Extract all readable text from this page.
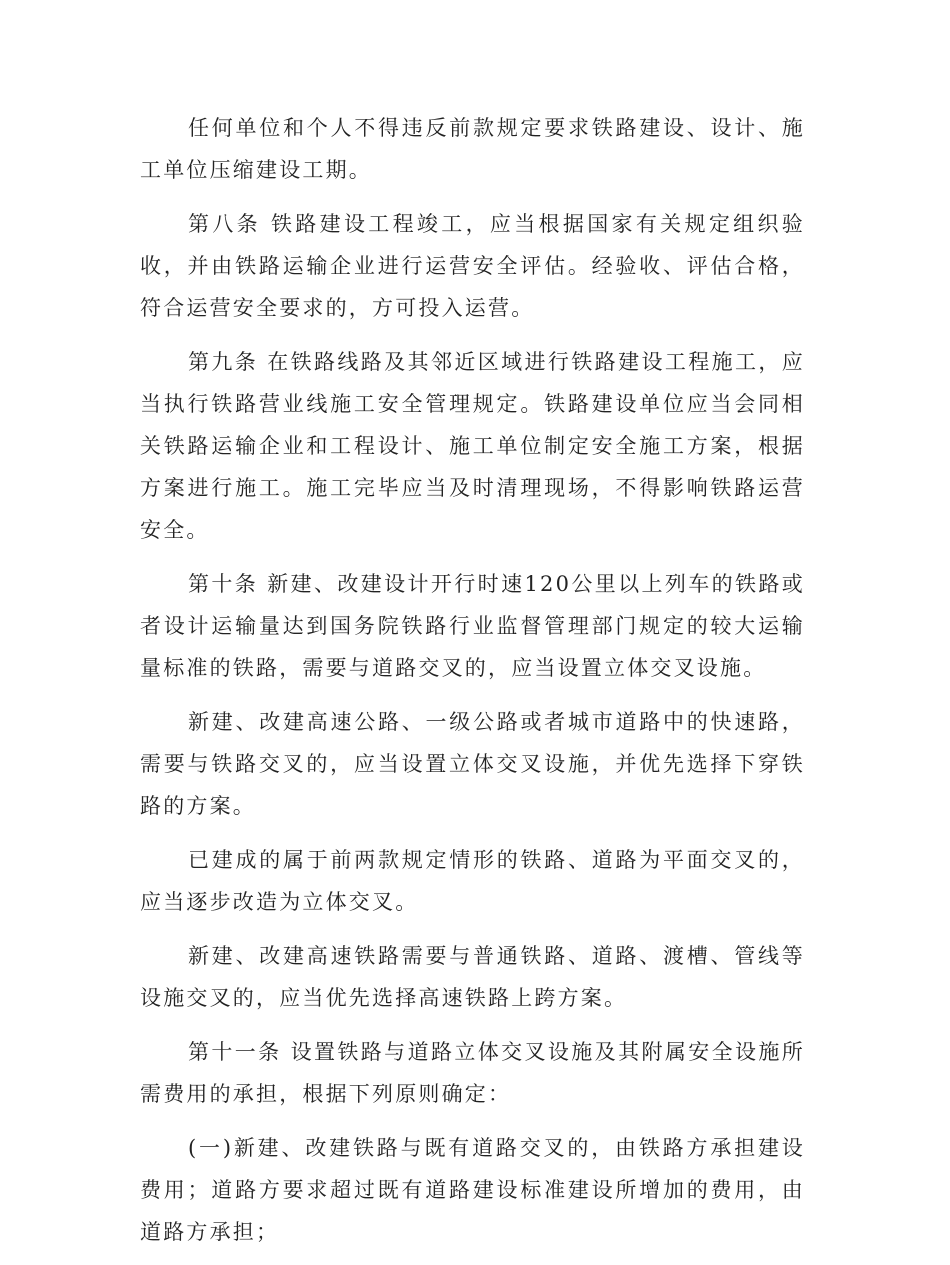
任何单位和个人不得违反前款规定要求铁路建设、设计、施工单位压缩建设工期。

第八条 铁路建设工程竣工，应当根据国家有关规定组织验收，并由铁路运输企业进行运营安全评估。经验收、评估合格，符合运营安全要求的，方可投入运营。

第九条 在铁路线路及其邻近区域进行铁路建设工程施工，应当执行铁路营业线施工安全管理规定。铁路建设单位应当会同相关铁路运输企业和工程设计、施工单位制定安全施工方案，根据方案进行施工。施工完毕应当及时清理现场，不得影响铁路运营安全。

第十条 新建、改建设计开行时速120公里以上列车的铁路或者设计运输量达到国务院铁路行业监督管理部门规定的较大运输量标准的铁路，需要与道路交叉的，应当设置立体交叉设施。

新建、改建高速公路、一级公路或者城市道路中的快速路，需要与铁路交叉的，应当设置立体交叉设施，并优先选择下穿铁路的方案。

已建成的属于前两款规定情形的铁路、道路为平面交叉的，应当逐步改造为立体交叉。

新建、改建高速铁路需要与普通铁路、道路、渡槽、管线等设施交叉的，应当优先选择高速铁路上跨方案。

第十一条 设置铁路与道路立体交叉设施及其附属安全设施所需费用的承担，根据下列原则确定：

(一)新建、改建铁路与既有道路交叉的，由铁路方承担建设费用；道路方要求超过既有道路建设标准建设所增加的费用，由道路方承担；
